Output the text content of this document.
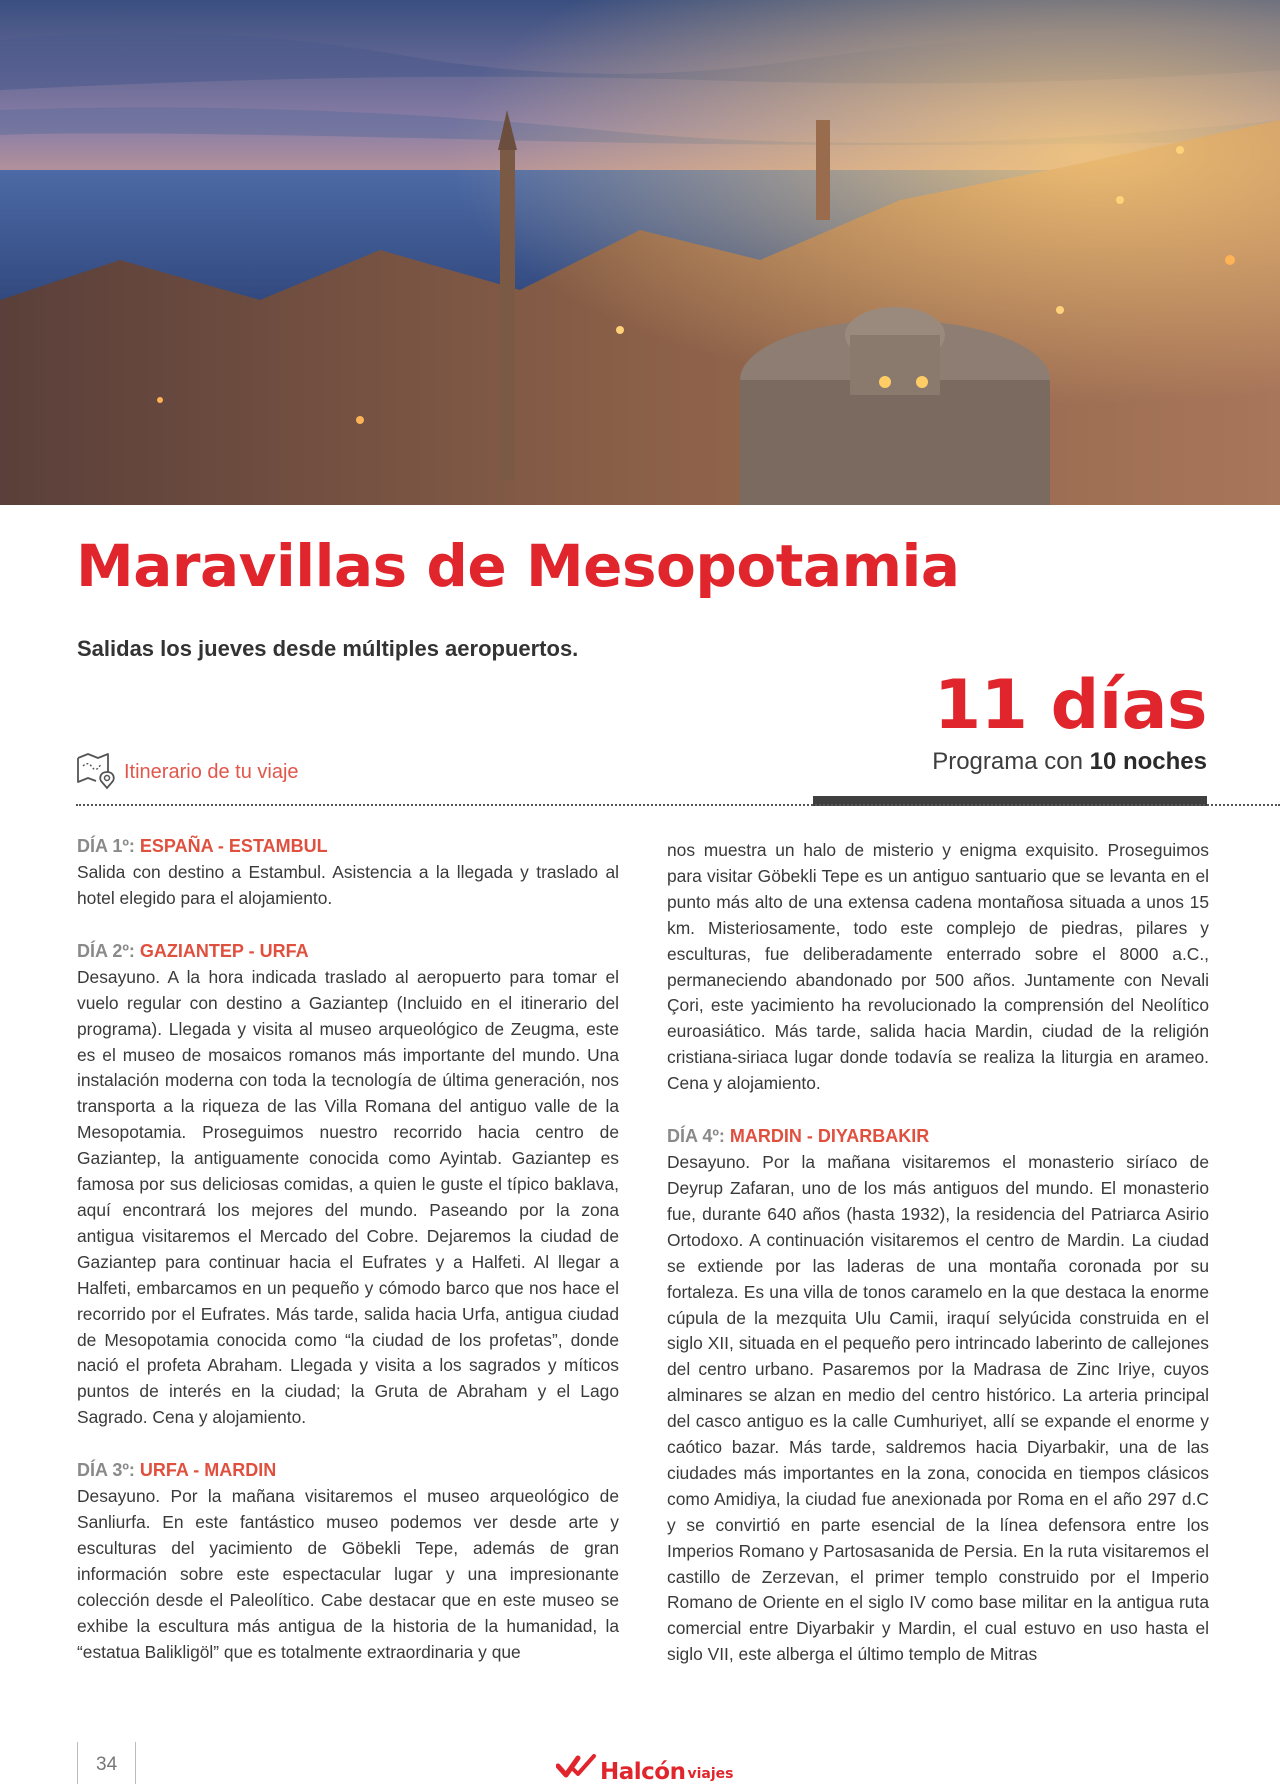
Maravillas de Mesopotamia
Salidas los jueves desde múltiples aeropuertos.
11 días
Programa con 10 noches
Itinerario de tu viaje
DÍA 1º: ESPAÑA - ESTAMBUL

Salida con destino a Estambul. Asistencia a la llegada y traslado al hotel elegido para el alojamiento.

DÍA 2º: GAZIANTEP - URFA

Desayuno. A la hora indicada traslado al aeropuerto para tomar el vuelo regular con destino a Gaziantep (Incluido en el itinerario del programa). Llegada y visita al museo arqueológico de Zeugma, este es el museo de mosaicos romanos más importante del mundo. Una instalación moderna con toda la tecnología de última generación, nos transporta a la riqueza de las Villa Romana del antiguo valle de la Mesopotamia. Proseguimos nuestro recorrido hacia centro de Gaziantep, la antiguamente conocida como Ayintab. Gaziantep es famosa por sus deliciosas comidas, a quien le guste el típico baklava, aquí encontrará los mejores del mundo. Paseando por la zona antigua visitaremos el Mercado del Cobre. Dejaremos la ciudad de Gaziantep para continuar hacia el Eufrates y a Halfeti. Al llegar a Halfeti, embarcamos en un pequeño y cómodo barco que nos hace el recorrido por el Eufrates. Más tarde, salida hacia Urfa, antigua ciudad de Mesopotamia conocida como “la ciudad de los profetas”, donde nació el profeta Abraham. Llegada y visita a los sagrados y míticos puntos de interés en la ciudad; la Gruta de Abraham y el Lago Sagrado. Cena y alojamiento.

DÍA 3º: URFA - MARDIN

Desayuno. Por la mañana visitaremos el museo arqueológico de Sanliurfa. En este fantástico museo podemos ver desde arte y esculturas del yacimiento de Göbekli Tepe, además de gran información sobre este espectacular lugar y una impresionante colección desde el Paleolítico. Cabe destacar que en este museo se exhibe la escultura más antigua de la historia de la humanidad, la “estatua Balikligöl” que es totalmente extraordinaria y que

nos muestra un halo de misterio y enigma exquisito. Proseguimos para visitar Göbekli Tepe es un antiguo santuario que se levanta en el punto más alto de una extensa cadena montañosa situada a unos 15 km. Misteriosamente, todo este complejo de piedras, pilares y esculturas, fue deliberadamente enterrado sobre el 8000 a.C., permaneciendo abandonado por 500 años. Juntamente con Nevali Çori, este yacimiento ha revolucionado la comprensión del Neolítico euroasiático. Más tarde, salida hacia Mardin, ciudad de la religión cristiana-siriaca lugar donde todavía se realiza la liturgia en arameo. Cena y alojamiento.

DÍA 4º: MARDIN - DIYARBAKIR

Desayuno. Por la mañana visitaremos el monasterio siríaco de Deyrup Zafaran, uno de los más antiguos del mundo. El monasterio fue, durante 640 años (hasta 1932), la residencia del Patriarca Asirio Ortodoxo. A continuación visitaremos el centro de Mardin. La ciudad se extiende por las laderas de una montaña coronada por su fortaleza. Es una villa de tonos caramelo en la que destaca la enorme cúpula de la mezquita Ulu Camii, iraquí selyúcida construida en el siglo XII, situada en el pequeño pero intrincado laberinto de callejones del centro urbano. Pasaremos por la Madrasa de Zinc Iriye, cuyos alminares se alzan en medio del centro histórico. La arteria principal del casco antiguo es la calle Cumhuriyet, allí se expande el enorme y caótico bazar. Más tarde, saldremos hacia Diyarbakir, una de las ciudades más importantes en la zona, conocida en tiempos clásicos como Amidiya, la ciudad fue anexionada por Roma en el año 297 d.C y se convirtió en parte esencial de la línea defensora entre los Imperios Romano y Partosasanida de Persia. En la ruta visitaremos el castillo de Zerzevan, el primer templo construido por el Imperio Romano de Oriente en el siglo IV como base militar en la antigua ruta comercial entre Diyarbakir y Mardin, el cual estuvo en uso hasta el siglo VII, este alberga el último templo de Mitras

34	Halcón viajes
